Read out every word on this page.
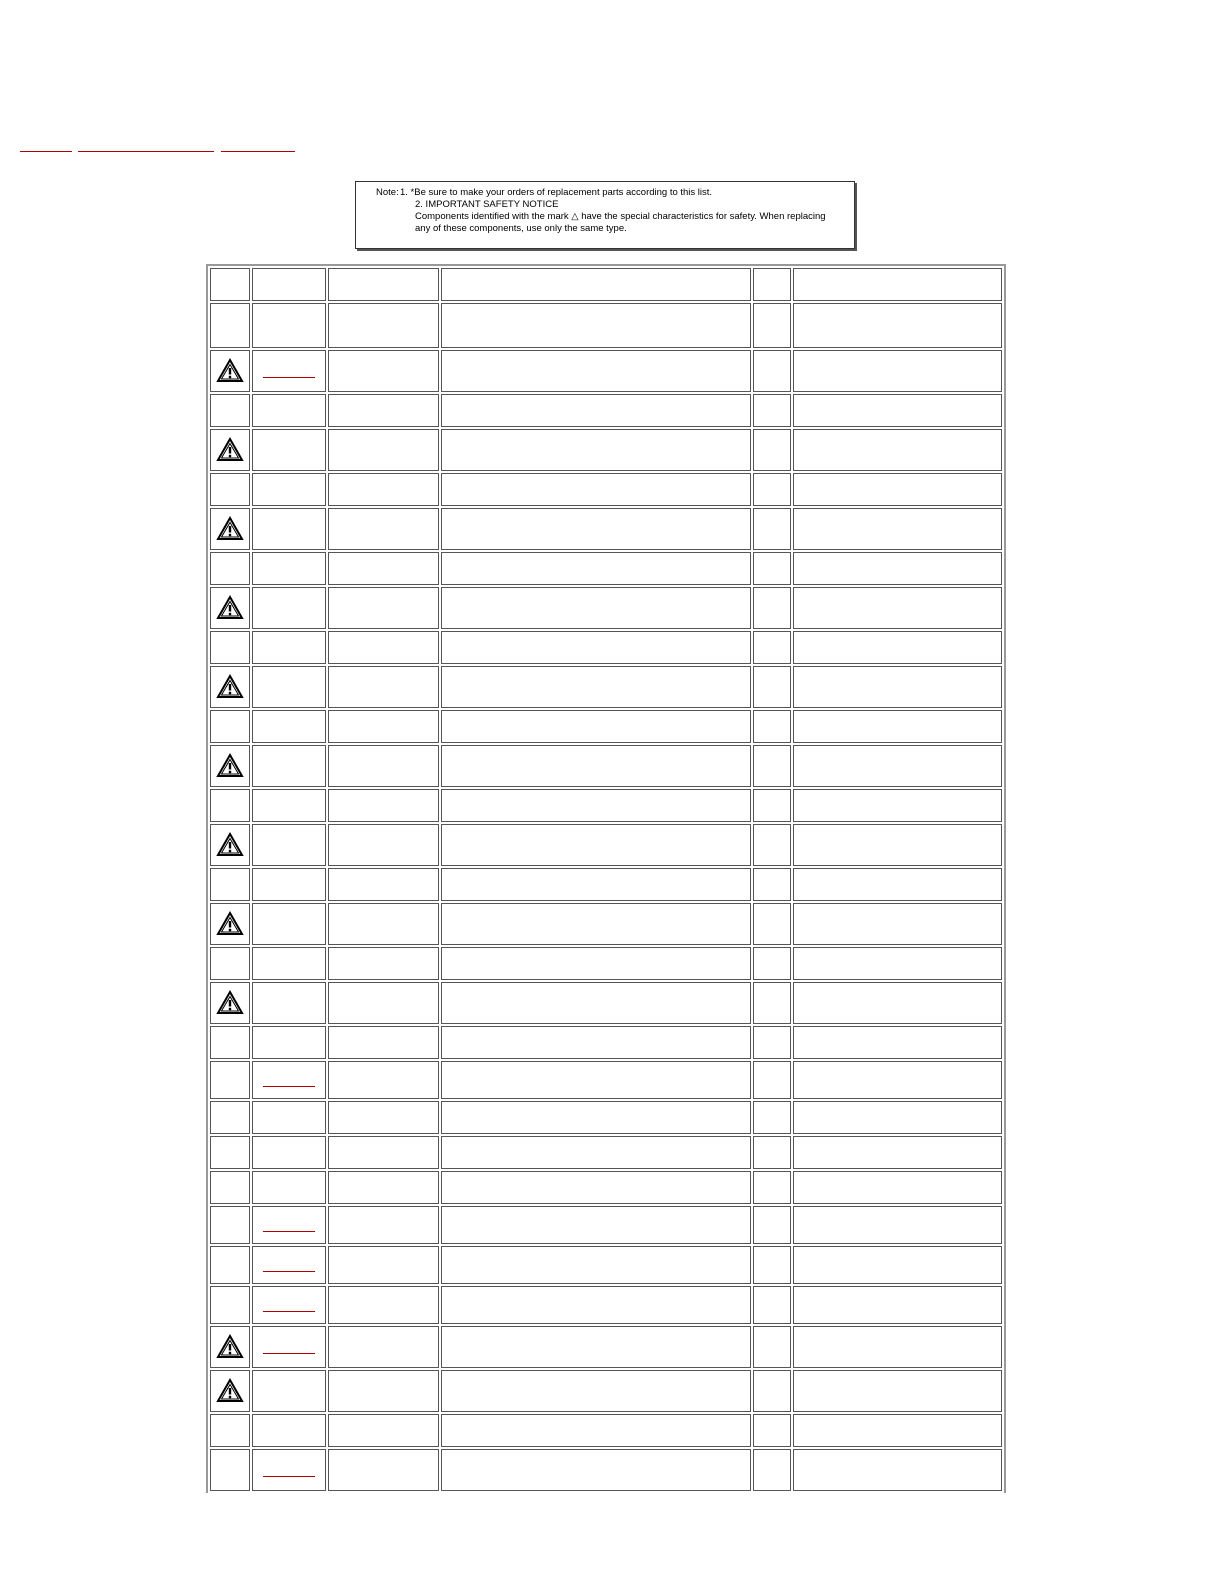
Note: 1. *Be sure to make your orders of replacement parts according to this list.
2. IMPORTANT SAFETY NOTICE
Components identified with the mark △ have the special characteristics for safety. When replacing
any of these components, use only the same type.
